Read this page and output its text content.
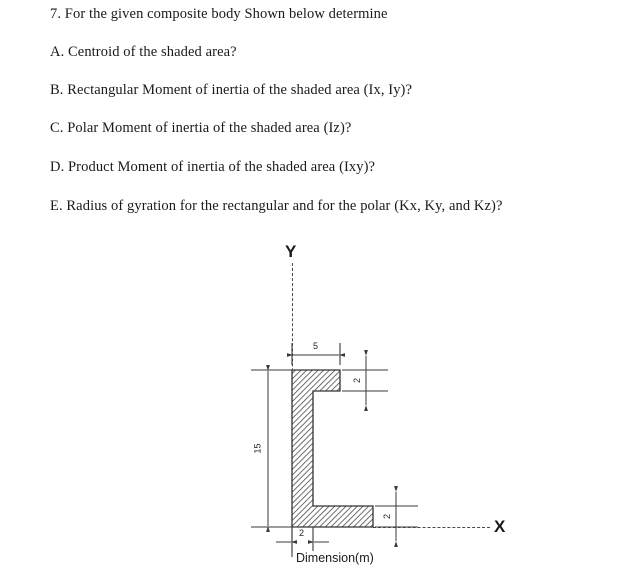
7. For the given composite body Shown below determine
A. Centroid of the shaded area?
B. Rectangular Moment of inertia of the shaded area (Ix, Iy)?
C. Polar Moment of inertia of the shaded area (Iz)?
D. Product Moment of inertia of the shaded area (Ixy)?
E. Radius of gyration for the rectangular and for the polar (Kx, Ky, and Kz)?
Y
X
5
2
15
2
2
Dimension(m)
